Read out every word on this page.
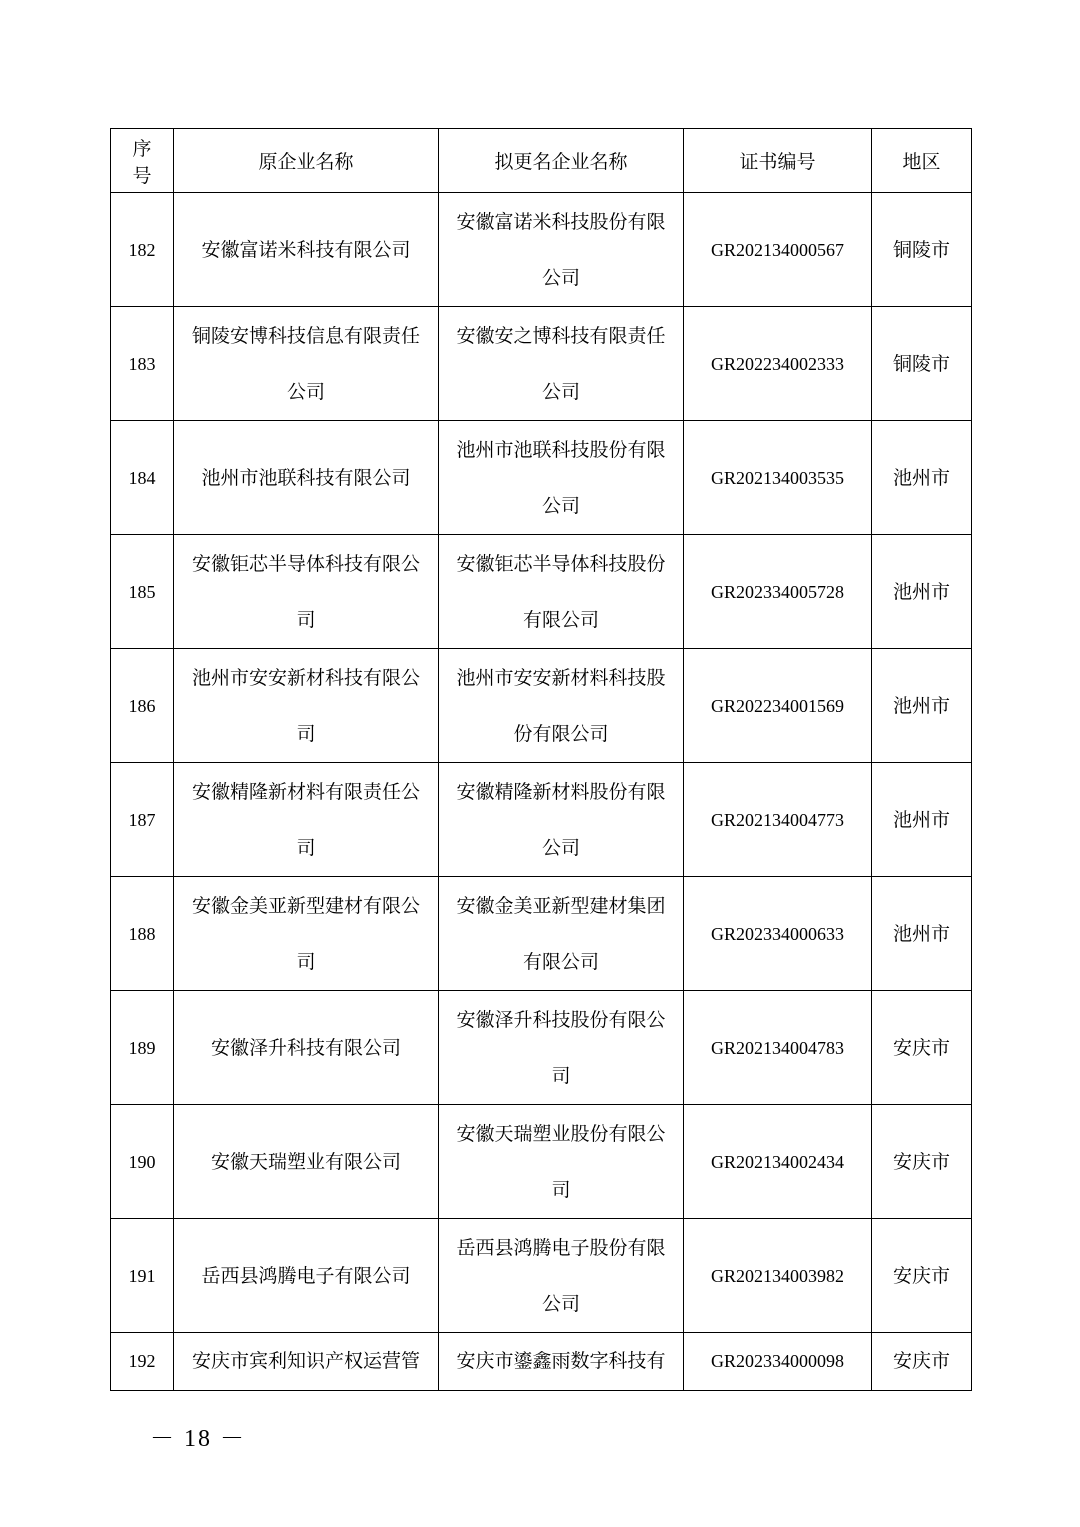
序号	原企业名称	拟更名企业名称	证书编号	地区
182	安徽富诺米科技有限公司	安徽富诺米科技股份有限公司	GR202134000567	铜陵市
183	铜陵安博科技信息有限责任公司	安徽安之博科技有限责任公司	GR202234002333	铜陵市
184	池州市池联科技有限公司	池州市池联科技股份有限公司	GR202134003535	池州市
185	安徽钜芯半导体科技有限公司	安徽钜芯半导体科技股份有限公司	GR202334005728	池州市
186	池州市安安新材科技有限公司	池州市安安新材料科技股份有限公司	GR202234001569	池州市
187	安徽精隆新材料有限责任公司	安徽精隆新材料股份有限公司	GR202134004773	池州市
188	安徽金美亚新型建材有限公司	安徽金美亚新型建材集团有限公司	GR202334000633	池州市
189	安徽泽升科技有限公司	安徽泽升科技股份有限公司	GR202134004783	安庆市
190	安徽天瑞塑业有限公司	安徽天瑞塑业股份有限公司	GR202134002434	安庆市
191	岳西县鸿腾电子有限公司	岳西县鸿腾电子股份有限公司	GR202134003982	安庆市
192	安庆市宾利知识产权运营管	安庆市鎏鑫雨数字科技有	GR202334000098	安庆市
－ 18 －
